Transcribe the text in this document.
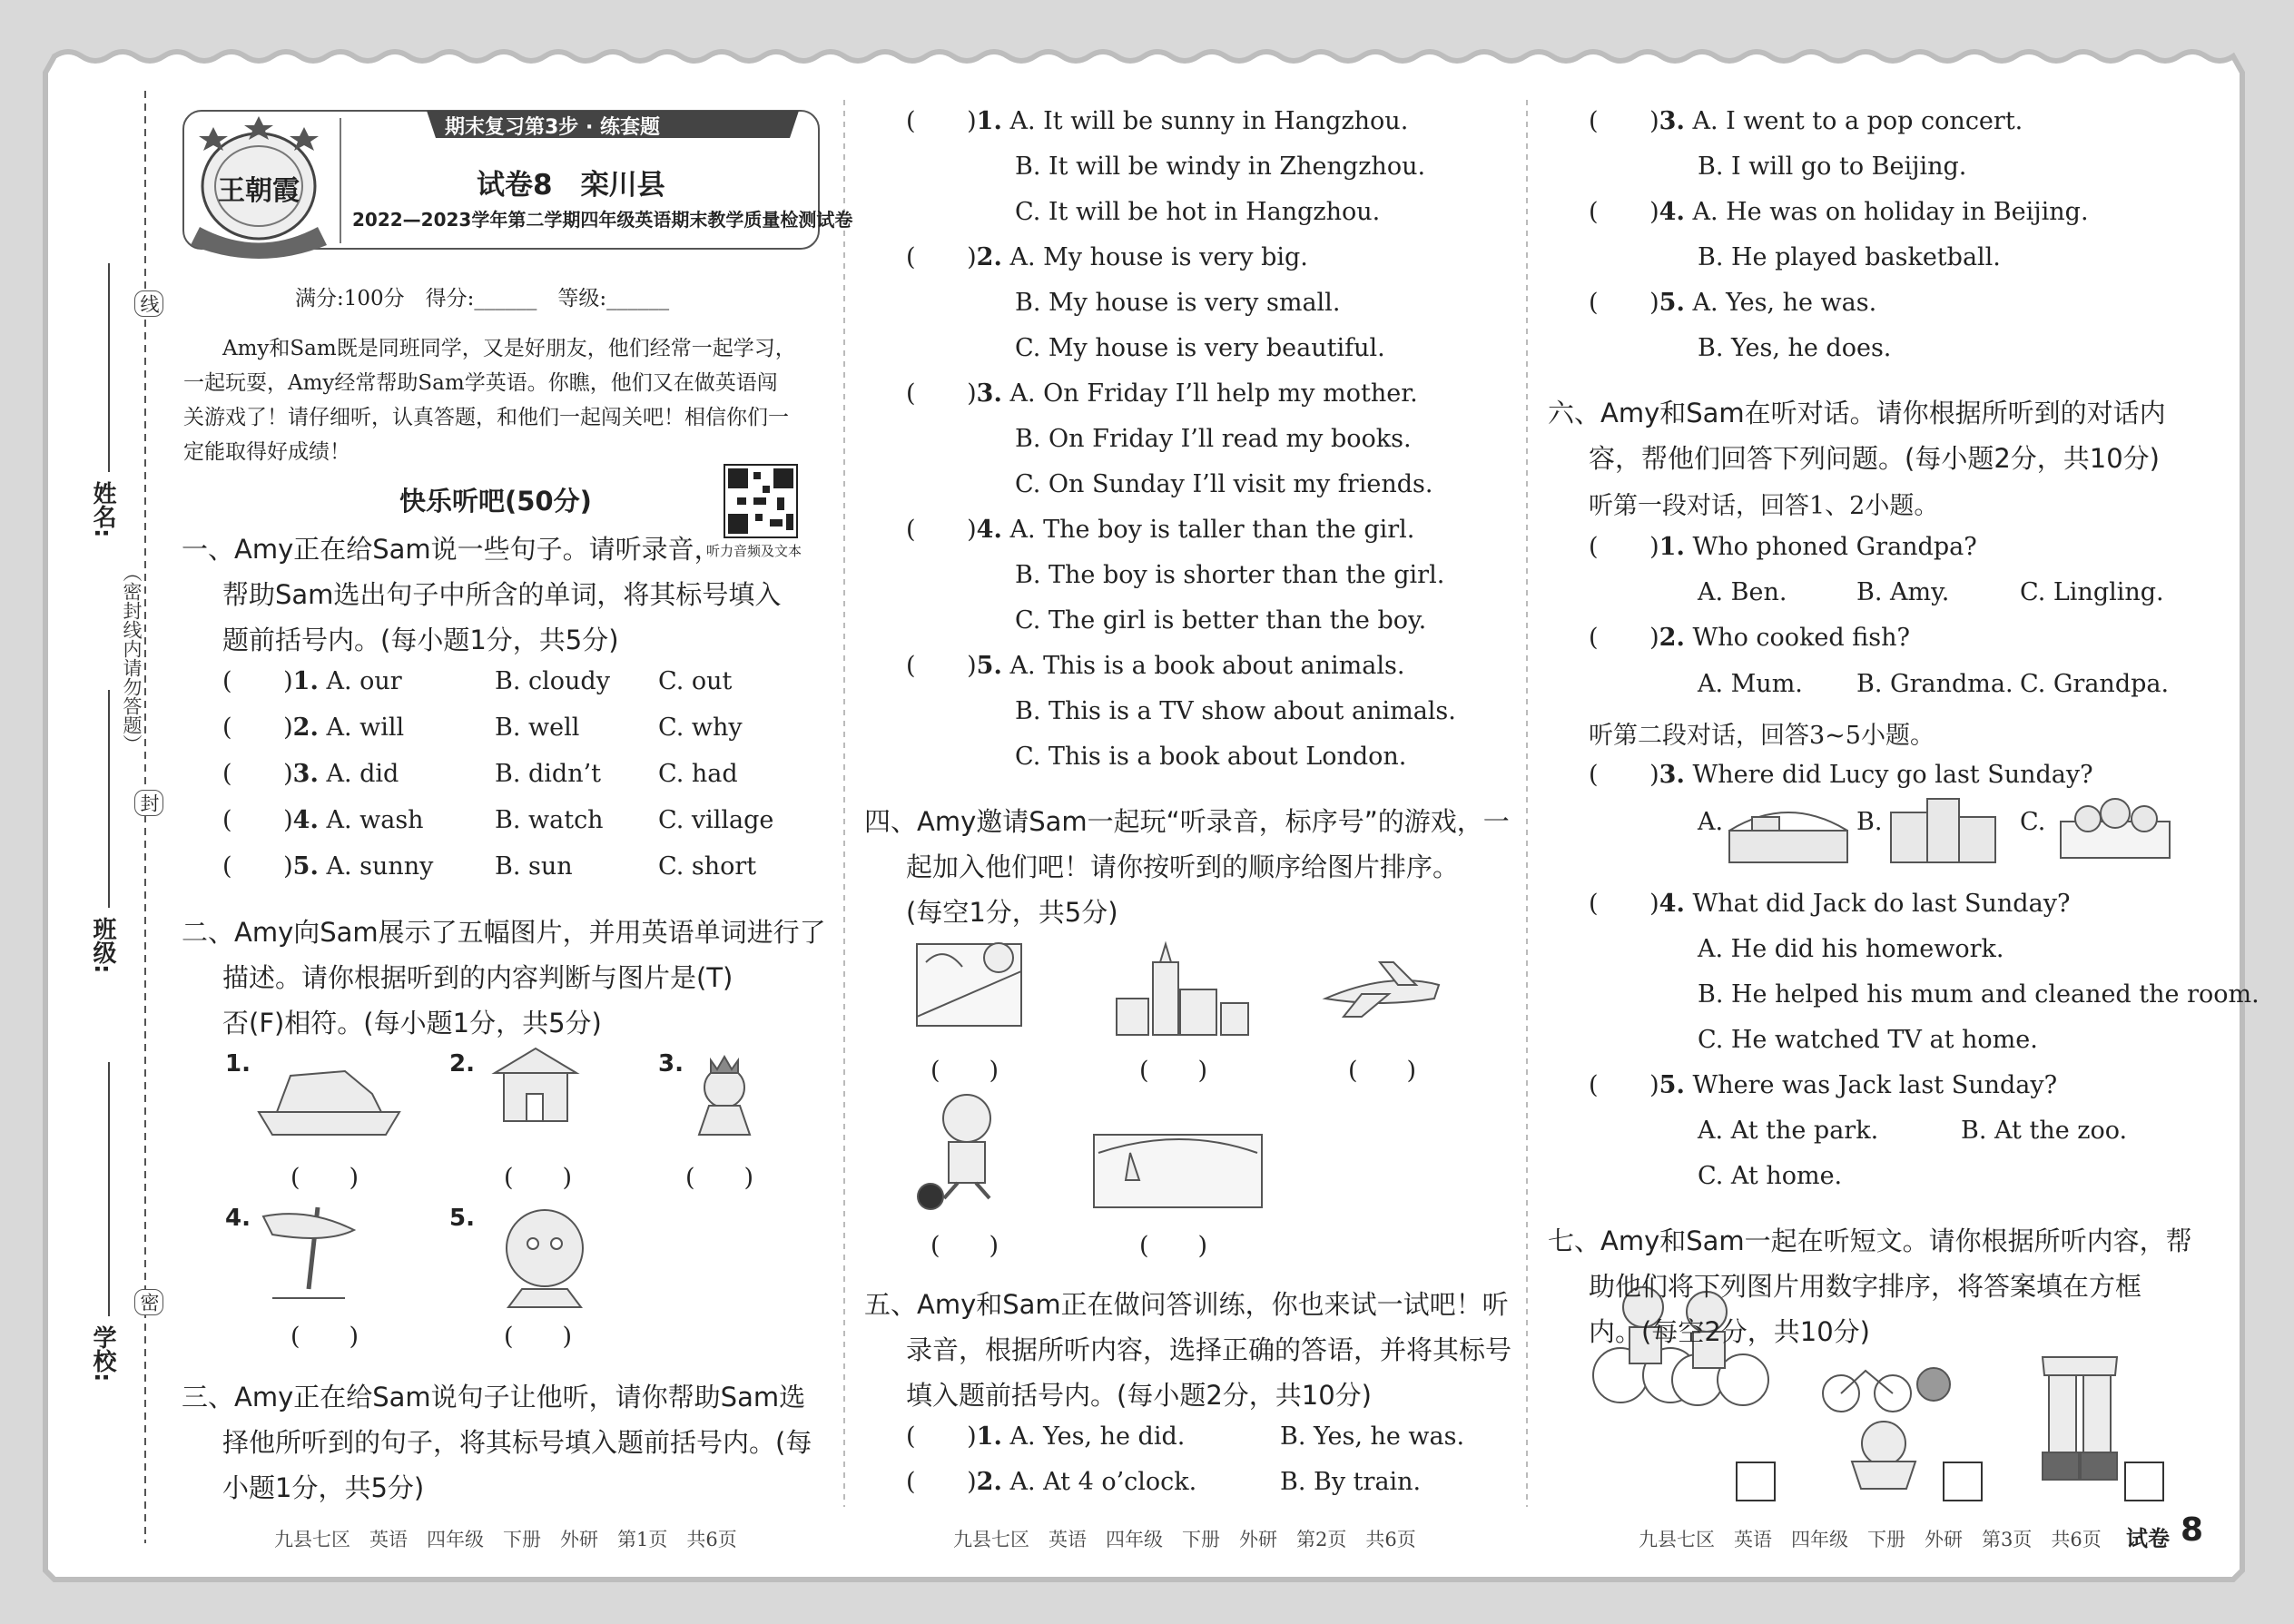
姓名:
班级:
学校:
（密封线内请勿答题）
线
封
密
期末复习第3步 · 练套题
王朝霞	试卷8　栾川县
2022—2023学年第二学期四年级英语期末教学质量检测试卷
满分:100分　得分:______　等级:______
Amy和Sam既是同班同学，又是好朋友，他们经常一起学习，
一起玩耍，Amy经常帮助Sam学英语。你瞧，他们又在做英语闯
关游戏了！请仔细听，认真答题，和他们一起闯关吧！相信你们一
定能取得好成绩！
快乐听吧(50分)
听力音频及文本
一、Amy正在给Sam说一些句子。请听录音，
帮助Sam选出句子中所含的单词，将其标号填入
题前括号内。(每小题1分，共5分)
( )1. A. our	B. cloudy C. out
( )2. A. will	B. well	C. why
( )3. A. did	B. didn’t C. had
( )4. A. wash	B. watch C. village
( )5. A. sunny	B. sun	C. short
二、Amy向Sam展示了五幅图片，并用英语单词进行了
描述。请你根据听到的内容判断与图片是(T)
否(F)相符。(每小题1分，共5分)
1.	2.	3.
4.	5.
(　　)	(　　)	(　　)
(　　)	(　　)
三、Amy正在给Sam说句子让他听，请你帮助Sam选
择他所听到的句子，将其标号填入题前括号内。(每
小题1分，共5分)
( )1. A. It will be sunny in Hangzhou.
B. It will be windy in Zhengzhou.
C. It will be hot in Hangzhou.
( )2. A. My house is very big.
B. My house is very small.
C. My house is very beautiful.
( )3. A. On Friday I’ll help my mother.
B. On Friday I’ll read my books.
C. On Sunday I’ll visit my friends.
( )4. A. The boy is taller than the girl.
B. The boy is shorter than the girl.
C. The girl is better than the boy.
( )5. A. This is a book about animals.
B. This is a TV show about animals.
C. This is a book about London.
四、Amy邀请Sam一起玩“听录音，标序号”的游戏，一
起加入他们吧！请你按听到的顺序给图片排序。
(每空1分，共5分)
(　　)	(　　)	(　　)
(　　)	(　　)
五、Amy和Sam正在做问答训练，你也来试一试吧！听
录音，根据所听内容，选择正确的答语，并将其标号
填入题前括号内。(每小题2分，共10分)
( )1. A. Yes, he did.	B. Yes, he was.
( )2. A. At 4 o’clock.	B. By train.
( )3. A. I went to a pop concert.
B. I will go to Beijing.
( )4. A. He was on holiday in Beijing.
B. He played basketball.
( )5. A. Yes, he was.
B. Yes, he does.
六、Amy和Sam在听对话。请你根据所听到的对话内
容，帮他们回答下列问题。(每小题2分，共10分)
听第一段对话，回答1、2小题。
( )1. Who phoned Grandpa?
A. Ben.	B. Amy.	C. Lingling.
( )2. Who cooked fish?
A. Mum. B. Grandma. C. Grandpa.
听第二段对话，回答3~5小题。
( )3. Where did Lucy go last Sunday?
A.	B.	C.
( )4. What did Jack do last Sunday?
A. He did his homework.
B. He helped his mum and cleaned the room.
C. He watched TV at home.
( )5. Where was Jack last Sunday?
A. At the park.	B. At the zoo.
C. At home.
七、Amy和Sam一起在听短文。请你根据所听内容，帮
助他们将下列图片用数字排序，将答案填在方框
内。(每空2分，共10分)
九县七区　英语　四年级　下册　外研　第1页　共6页	九县七区　英语　四年级　下册　外研　第2页　共6页	九县七区　英语　四年级　下册　外研　第3页　共6页 试卷 8
